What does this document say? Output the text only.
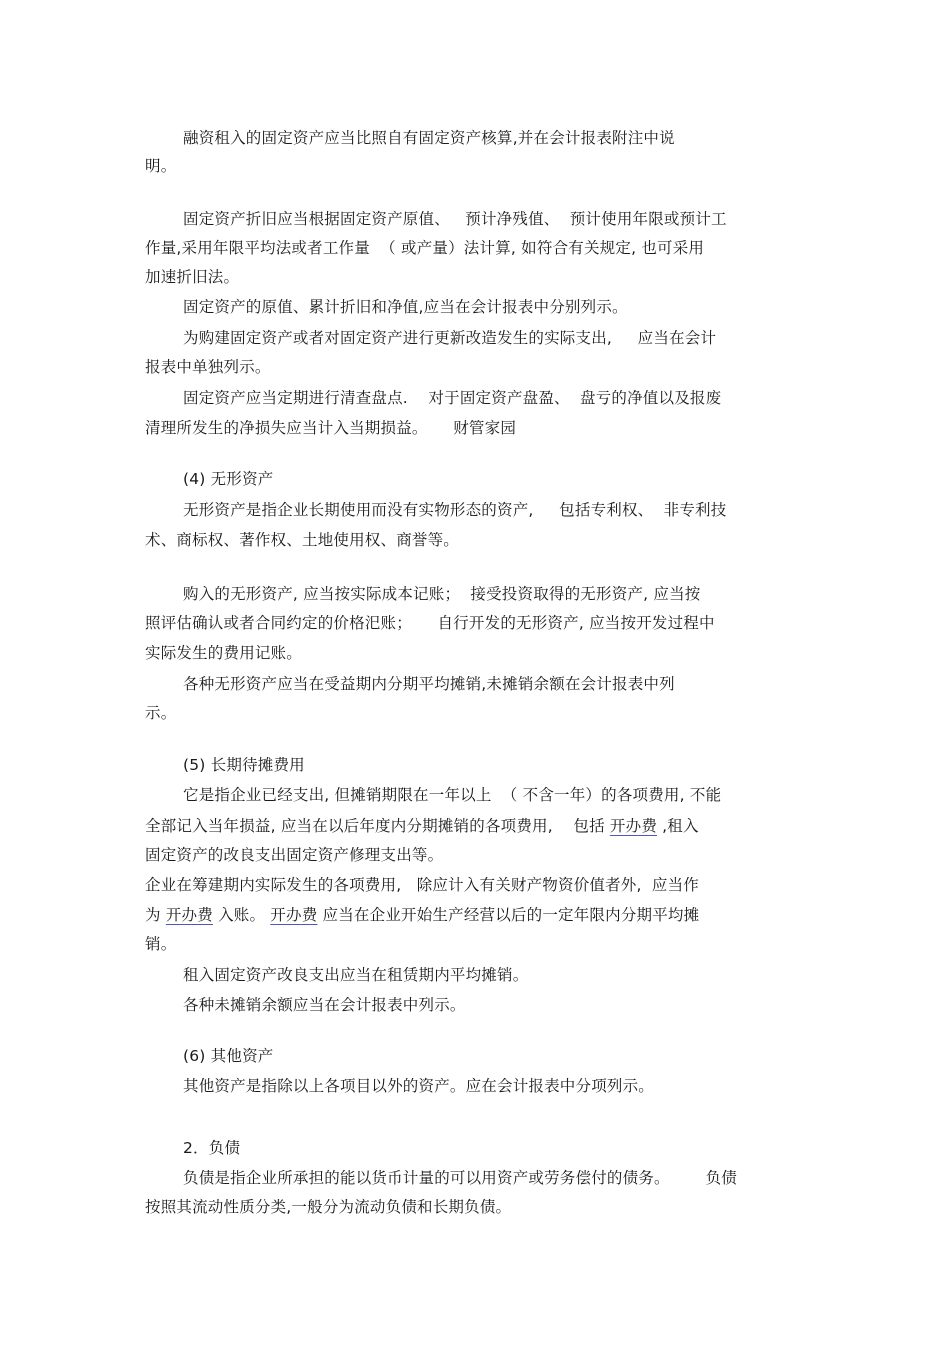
融资租入的固定资产应当比照自有固定资产核算,并在会计报表附注中说
明。
固定资产折旧应当根据固定资产原值、   预计净残值、  预计使用年限或预计工
作量,采用年限平均法或者工作量  （ 或产量）法计算, 如符合有关规定, 也可采用
加速折旧法。
固定资产的原值、累计折旧和净值,应当在会计报表中分别列示。
为购建固定资产或者对固定资产进行更新改造发生的实际支出,     应当在会计
报表中单独列示。
固定资产应当定期进行清查盘点.    对于固定资产盘盈、  盘亏的净值以及报废
清理所发生的净损失应当计入当期损益。     财管家园
(4) 无形资产
无形资产是指企业长期使用而没有实物形态的资产,     包括专利权、  非专利技
术、商标权、著作权、土地使用权、商誉等。
购入的无形资产, 应当按实际成本记账；  接受投资取得的无形资产, 应当按
照评估确认或者合同约定的价格汜账；     自行开发的无形资产, 应当按开发过程中
实际发生的费用记账。
各种无形资产应当在受益期内分期平均摊销,未摊销余额在会计报表中列
示。
(5) 长期待摊费用
它是指企业已经支出, 但摊销期限在一年以上  （ 不含一年）的各项费用, 不能
全部记入当年损益, 应当在以后年度内分期摊销的各项费用,    包括 开办费 ,租入
固定资产的改良支出固定资产修理支出等。
企业在筹建期内实际发生的各项费用,   除应计入有关财产物资价值者外,  应当作
为 开办费 入账。 开办费 应当在企业开始生产经营以后的一定年限内分期平均摊
销。
租入固定资产改良支出应当在租赁期内平均摊销。
各种未摊销余额应当在会计报表中列示。
(6) 其他资产
其他资产是指除以上各项目以外的资产。应在会计报表中分项列示。
2．负债
负债是指企业所承担的能以货币计量的可以用资产或劳务偿付的债务。       负债
按照其流动性质分类,一般分为流动负债和长期负债。
